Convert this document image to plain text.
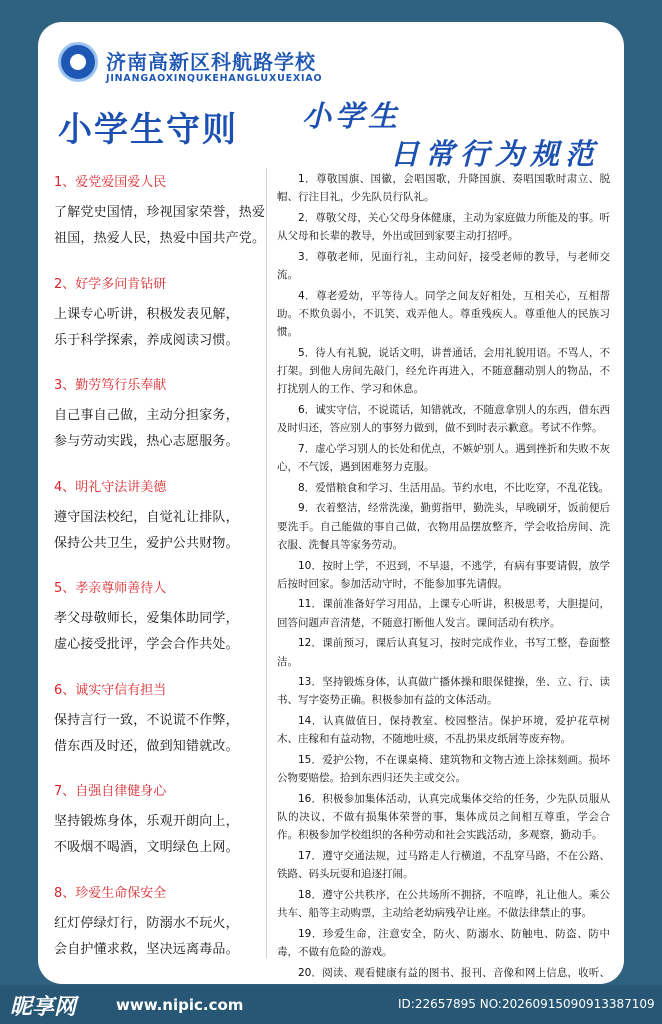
济南高新区科航路学校
JINANGAOXINQUKEHANGLUXUEXIAO
小学生守则 小学生
日常行为规范
1、爱党爱国爱人民
了解党史国情，珍视国家荣誉，热爱
祖国，热爱人民，热爱中国共产党。
2、好学多问肯钻研
上课专心听讲，积极发表见解，
乐于科学探索，养成阅读习惯。
3、勤劳笃行乐奉献
自己事自己做，主动分担家务，
参与劳动实践，热心志愿服务。
4、明礼守法讲美德
遵守国法校纪，自觉礼让排队，
保持公共卫生，爱护公共财物。
5、孝亲尊师善待人
孝父母敬师长，爱集体助同学，
虚心接受批评，学会合作共处。
6、诚实守信有担当
保持言行一致，不说谎不作弊，
借东西及时还，做到知错就改。
7、自强自律健身心
坚持锻炼身体，乐观开朗向上，
不吸烟不喝酒，文明绿色上网。
8、珍爱生命保安全
红灯停绿灯行，防溺水不玩火，
会自护懂求救，坚决远离毒品。
1．尊敬国旗、国徽，会唱国歌，升降国旗、奏唱国歌时肃立、脱帽、行注目礼，少先队员行队礼。
2．尊敬父母，关心父母身体健康，主动为家庭做力所能及的事。听从父母和长辈的教导，外出或回到家要主动打招呼。
3．尊敬老师，见面行礼，主动问好，接受老师的教导，与老师交流。
4．尊老爱幼，平等待人。同学之间友好相处，互相关心，互相帮助。不欺负弱小，不讥笑、戏弄他人。尊重残疾人。尊重他人的民族习惯。
5．待人有礼貌，说话文明，讲普通话，会用礼貌用语。不骂人，不打架。到他人房间先敲门，经允许再进入，不随意翻动别人的物品，不打扰别人的工作、学习和休息。
6．诚实守信，不说谎话，知错就改，不随意拿别人的东西，借东西及时归还，答应别人的事努力做到，做不到时表示歉意。考试不作弊。
7．虚心学习别人的长处和优点，不嫉妒别人。遇到挫折和失败不灰心，不气馁，遇到困难努力克服。
8．爱惜粮食和学习、生活用品。节约水电，不比吃穿，不乱花钱。
9．衣着整洁，经常洗澡，勤剪指甲，勤洗头，早晚刷牙，饭前便后要洗手。自己能做的事自己做，衣物用品摆放整齐，学会收拾房间、洗衣服、洗餐具等家务劳动。
10．按时上学，不迟到，不早退，不逃学，有病有事要请假，放学后按时回家。参加活动守时，不能参加事先请假。
11．课前准备好学习用品，上课专心听讲，积极思考，大胆提问，回答问题声音清楚，不随意打断他人发言。课间活动有秩序。
12．课前预习，课后认真复习，按时完成作业，书写工整，卷面整洁。
13．坚持锻炼身体，认真做广播体操和眼保健操，坐、立、行、读书、写字姿势正确。积极参加有益的文体活动。
14．认真做值日，保持教室、校园整洁。保护环境，爱护花草树木、庄稼和有益动物，不随地吐痰，不乱扔果皮纸屑等废弃物。
15．爱护公物，不在课桌椅、建筑物和文物古迹上涂抹刻画。损坏公物要赔偿。拾到东西归还失主或交公。
16．积极参加集体活动，认真完成集体交给的任务，少先队员服从队的决议，不做有损集体荣誉的事，集体成员之间相互尊重，学会合作。积极参加学校组织的各种劳动和社会实践活动，多观察，勤动手。
17．遵守交通法规，过马路走人行横道，不乱穿马路，不在公路、铁路、码头玩耍和追逐打闹。
18．遵守公共秩序，在公共场所不拥挤，不喧哗，礼让他人。乘公共车、船等主动购票，主动给老幼病残孕让座。不做法律禁止的事。
19．珍爱生命，注意安全，防火、防溺水、防触电、防盗、防中毒，不做有危险的游戏。
20．阅读、观看健康有益的图书、报刊、音像和网上信息，收听、
昵享网	www.nipic.com	ID:22657895 NO:20260915090913387109
